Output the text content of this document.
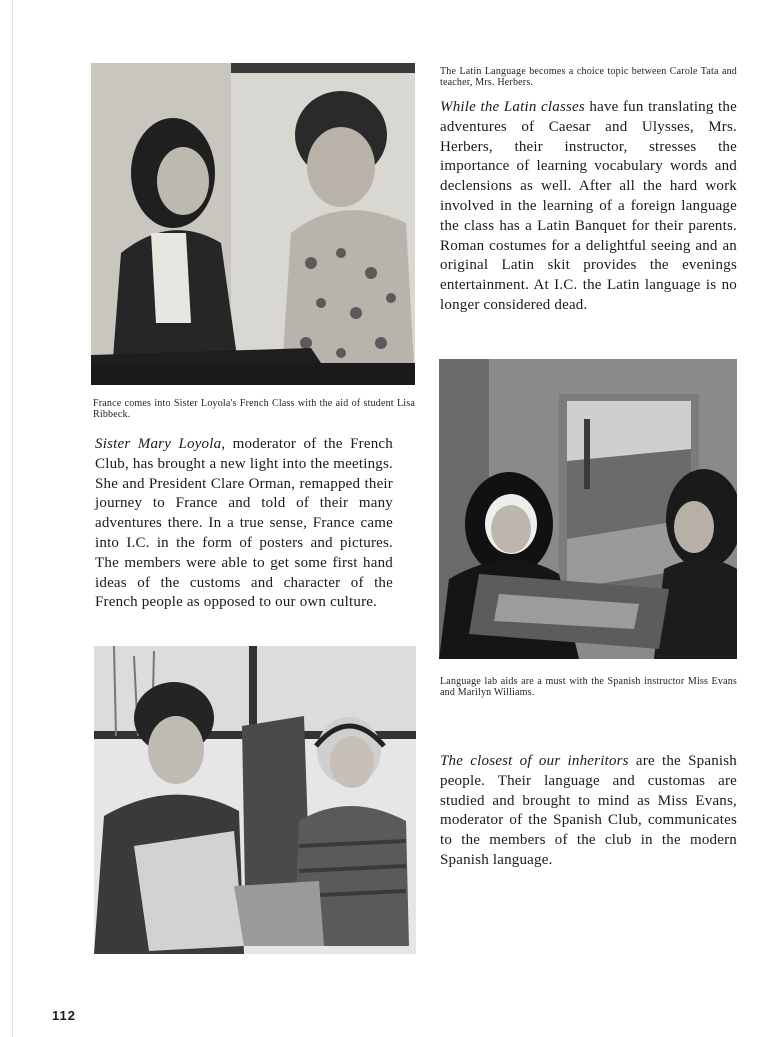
The Latin Language becomes a choice topic between Carole Tata and teacher, Mrs. Herbers.

While the Latin classes have fun translating the adventures of Caesar and Ulysses, Mrs. Herbers, their instructor, stresses the importance of learning vocabulary words and declensions as well. After all the hard work involved in the learning of a foreign language the class has a Latin Banquet for their parents. Roman costumes for a delightful seeing and an original Latin skit provides the evenings entertainment. At I.C. the Latin language is no longer considered dead.

France comes into Sister Loyola's French Class with the aid of student Lisa Ribbeck.

Sister Mary Loyola, moderator of the French Club, has brought a new light into the meetings. She and President Clare Orman, remapped their journey to France and told of their many adventures there. In a true sense, France came into I.C. in the form of posters and pictures. The members were able to get some first hand ideas of the customs and character of the French people as opposed to our own culture.

Language lab aids are a must with the Spanish instructor Miss Evans and Marilyn Williams.

The closest of our inheritors are the Spanish people. Their language and customas are studied and brought to mind as Miss Evans, moderator of the Spanish Club, communicates to the members of the club in the modern Spanish language.

112
